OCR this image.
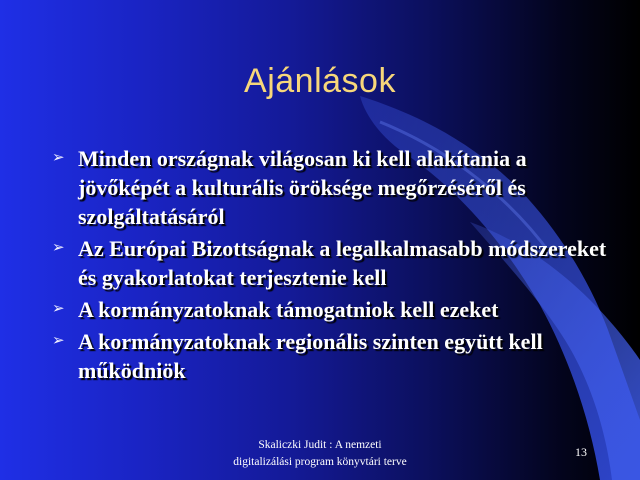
Ajánlások
➢ Minden országnak világosan ki kell alakítania a jövőképét a kulturális öröksége megőrzéséről és szolgáltatásáról
➢ Az Európai Bizottságnak a legalkalmasabb módszereket és gyakorlatokat terjesztenie kell
➢ A kormányzatoknak támogatniok kell ezeket
➢ A kormányzatoknak regionális szinten együtt kell működniök
Skaliczki Judit : A nemzeti
digitalizálási program könyvtári terve
13
